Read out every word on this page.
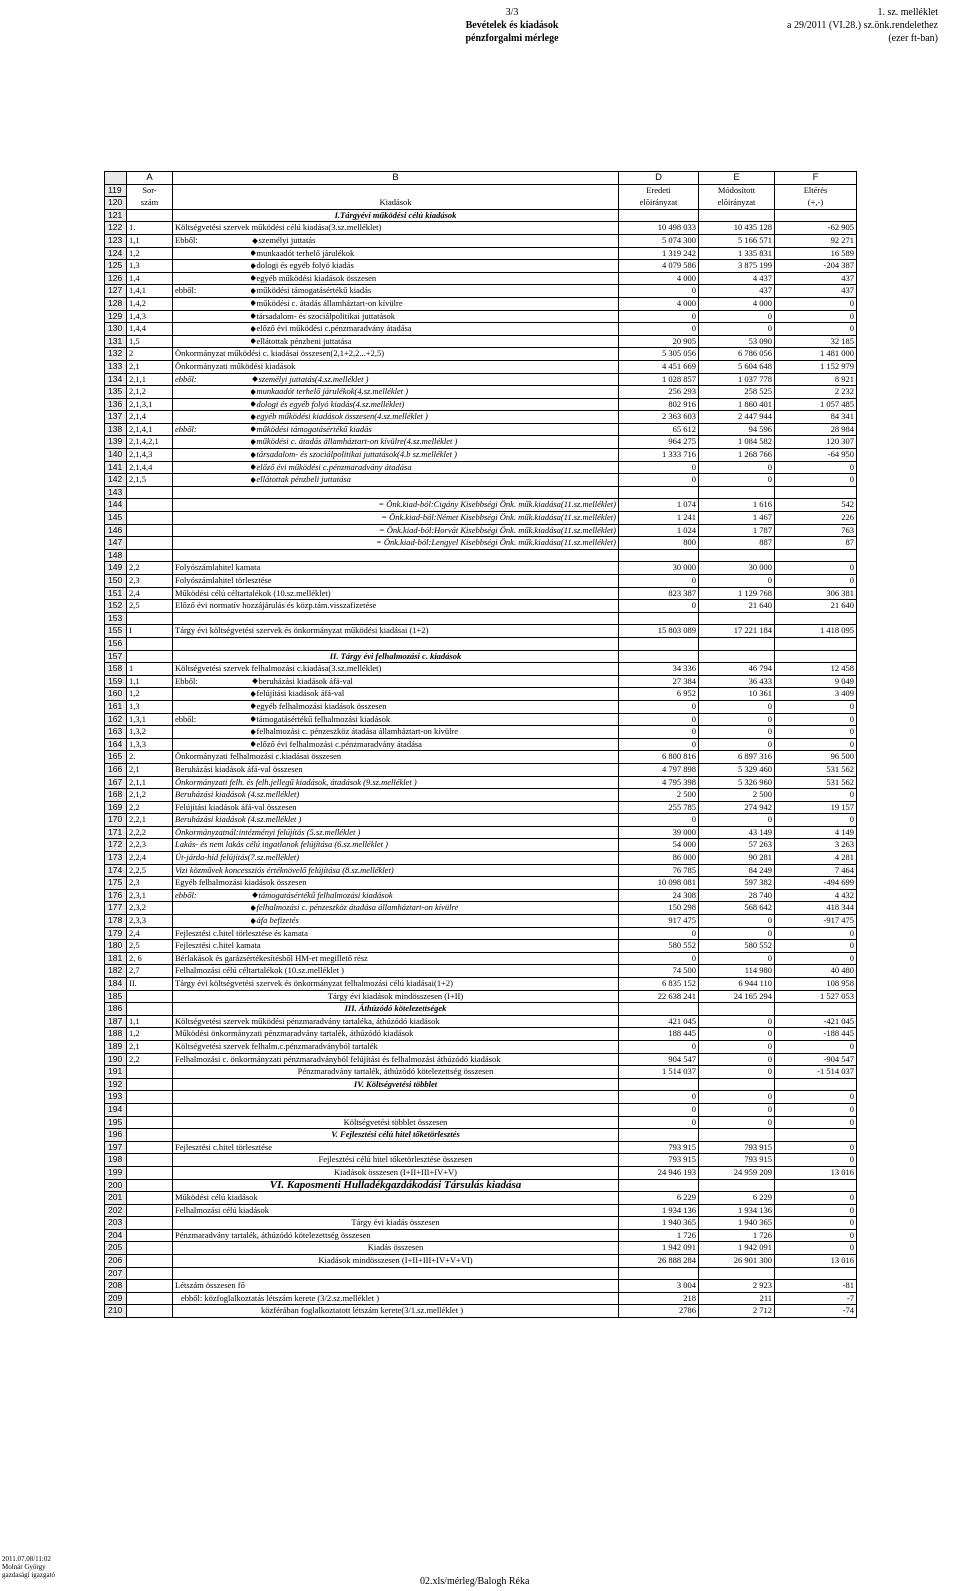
3/3
Bevételek és kiadások
pénzforgalmi mérlege
1. sz. melléklet
a 29/2011 (VI.28.) sz.önk.rendelethez
(ezer ft-ban)
	A	B		D	E	F
119	Sor-			Eredeti	Módosított	Eltérés
120	szám	Kiadások		elõirányzat	elõirányzat	(+,-)
121		I.Tárgyévi működési célú kiadások				
122	1.	Költségvetési szervek működési célú kiadása(3.sz.melléklet)		10 498 033	10 435 128	-62 905
123	1,1	Ebből:	személyi juttatás	5 074 300	5 166 571	92 271
124	1,2		munkaadót terhelő járulékok	1 319 242	1 335 831	16 589
125	1,3		dologi és egyéb folyó kiadás	4 079 586	3 875 199	-204 387
126	1,4		egyéb működési kiadások összesen	4 000	4 437	437
127	1,4,1	ebből:	működési támogatásértékű kiadás	0	437	437
128	1,4,2		működési c. átadás államháztart-on kívülre	4 000	4 000	0
129	1,4,3		társadalom- és szociálpolitikai juttatások	0	0	0
130	1,4,4		előző évi működési c.pénzmaradvány átadása	0	0	0
131	1,5		ellátottak pénzbeni juttatása	20 905	53 090	32 185
132	2	Önkormányzat működési c. kiadásai összesen(2,1+2,2...+2,5)		5 305 056	6 786 056	1 481 000
133	2,1	Önkormányzati működési kiadások		4 451 669	5 604 648	1 152 979
134	2,1,1	ebből:	személyi juttatás(4.sz.melléklet )	1 028 857	1 037 778	8 921
135	2,1,2		munkaadót terhelő járulékok(4.sz.melléklet )	256 293	258 525	2 232
136	2,1,3,1		dologi és egyéb folyó kiadás(4.sz.melléklet)	802 916	1 860 401	1 057 485
137	2,1,4		egyéb működési kiadások összesen(4.sz.melléklet )	2 363 603	2 447 944	84 341
138	2,1,4,1	ebből:	működési támogatásértékű kiadás	65 612	94 596	28 984
139	2,1,4,2,1		működési c. átadás államháztart-on kívülre(4.sz.melléklet )	964 275	1 084 582	120 307
140	2,1,4,3		társadalom- és szociálpolitikai juttatások(4.b sz.melléklet )	1 333 716	1 268 766	-64 950
141	2,1,4,4		előző évi működési c.pénzmaradvány átadása	0	0	0
142	2,1,5		ellátottak pénzbeli juttatása	0	0	0
143						
144		= Önk.kiad-ból:Cigány Kisebbségi Önk. műk.kiadása(11.sz.melléklet)		1 074	1 616	542
145		= Önk.kiad-ból:Német Kisebbségi Önk. műk.kiadása(11.sz.melléklet)		1 241	1 467	226
146		= Önk.kiad-ból:Horvát Kisebbségi Önk. műk.kiadása(11.sz.melléklet)		1 024	1 787	763
147		= Önk.kiad-ból:Lengyel Kisebbségi Önk. műk.kiadása(11.sz.melléklet)		800	887	87
148						
149	2,2	Folyószámlahitel kamata		30 000	30 000	0
150	2,3	Folyószámlahitel törlesztése		0	0	0
151	2,4	Működési célú céltartalékok (10.sz.melléklet)		823 387	1 129 768	306 381
152	2,5	Előző évi normatív hozzájárulás és közp.tám.visszafizetése		0	21 640	21 640
153						
155	I	Tárgy évi költségvetési szervek és önkormányzat működési kiadásai (1+2)		15 803 089	17 221 184	1 418 095
156						
157		II. Tárgy évi felhalmozási c. kiadások				
158	1	Költségvetési szervek felhalmozási c.kiadása(3.sz.melléklet)		34 336	46 794	12 458
159	1,1	Ebből:	beruházási kiadások áfá-val	27 384	36 433	9 049
160	1,2		felújítási kiadások áfá-val	6 952	10 361	3 409
161	1,3		egyéb felhalmozási kiadások összesen	0	0	0
162	1,3,1	ebből:	támogatásértékű felhalmozási kiadások	0	0	0
163	1,3,2		felhalmozási c. pénzeszköz átadása államháztart-on kívülre	0	0	0
164	1,3,3		előző évi felhalmozási c.pénzmaradvány átadása	0	0	0
165	2.	Önkormányzati felhalmozási c.kiadásai összesen		6 800 816	6 897 316	96 500
166	2,1	Beruházási kiadások áfá-val összesen		4 797 898	5 329 460	531 562
167	2,1,1	Önkormányzati felh. és felh.jellegű kiadások, átadások (9.sz.melléklet )		4 795 398	5 326 960	531 562
168	2,1,2	Beruházási kiadások (4.sz.melléklet)		2 500	2 500	0
169	2,2	Felújítási kiadások áfá-val összesen		255 785	274 942	19 157
170	2,2,1	Beruházási kiadások (4.sz.melléklet )		0	0	0
171	2,2,2	Önkormányzatnál:intézményi felújítás (5.sz.melléklet )		39 000	43 149	4 149
172	2,2,3	Lakás- és nem lakás célú ingatlanok felújítása (6.sz.melléklet )		54 000	57 263	3 263
173	2,2,4	Út-járda-híd felújítás(7.sz.melléklet)		86 000	90 281	4 281
174	2,2,5	Vizi közművek koncessziós értéknövelő felújítása (8.sz.melléklet)		76 785	84 249	7 464
175	2,3	Egyéb felhalmozási kiadások összesen		10 098 081	597 382	-494 699
176	2,3,1	ebből:	támogatásértékű felhalmozási kiadások	24 308	28 740	4 432
177	2,3,2		felhalmozási c. pénzeszköz átadása államháztart-on kívülre	150 298	568 642	418 344
178	2,3,3		áfa befizetés	917 475	0	-917 475
179	2,4	Fejlesztési c.hitel törlesztése és kamata		0	0	0
180	2,5	Fejlesztési c.hitel kamata		580 552	580 552	0
181	2, 6	Bérlakások és garázsértékesítésből HM-et megillető rész		0	0	0
182	2,7	Felhalmozási célú céltartalékok (10.sz.melléklet )		74 500	114 980	40 480
184	II.	Tárgy évi költségvetési szervek és önkormányzat felhalmozási célú kiadásai(1+2)		6 835 152	6 944 110	108 958
185		Tárgy évi kiadások mindösszesen (I+II)		22 638 241	24 165 294	1 527 053
186		III. Áthúzódó kötelezettségek				
187	1,1	Költségvetési szervek működési pénzmaradvány tartaléka, áthúzódó kiadások		421 045	0	-421 045
188	1,2	Működési önkormányzati pénzmaradvány tartalék, áthúzódó kiadások		188 445	0	-188 445
189	2,1	Költségvetési szervek felhalm.c.pénzmaradványból tartalék		0	0	0
190	2,2	Felhalmozási c. önkormányzati pénzmaradványból felújítási és felhalmozási áthúzódó kiadások		904 547	0	-904 547
191		Pénzmaradvány tartalék, áthúzódó kötelezettség összesen		1 514 037	0	-1 514 037
192		IV. Költségvetési többlet				
193				0	0	0
194				0	0	0
195		Költségvetési többlet összesen		0	0	0
196		V. Fejlesztési célú hitel tőketörlesztés				
197		Fejlesztési c.hitel törlesztése		793 915	793 915	0
198		Fejlesztési célú hitel tőketörlesztése összesen		793 915	793 915	0
199		Kiadások összesen (I+II+III+IV+V)		24 946 193	24 959 209	13 016
200		VI. Kaposmenti Hulladékgazdákodási Társulás kiadása				
201		Működési célú kiadások		6 229	6 229	0
202		Felhalmozási célú kiadások		1 934 136	1 934 136	0
203		Tárgy évi kiadás összesen		1 940 365	1 940 365	0
204		Pénzmaradvány tartalék, áthúzódó kötelezettség összesen		1 726	1 726	0
205		Kiadás összesen		1 942 091	1 942 091	0
206		Kiadások mindösszesen (I+II+III+IV+V+VI)		26 888 284	26 901 300	13 016
207						
208		Létszám összesen fő		3 004	2 923	-81
209		ebből: közfoglalkoztatás létszám kerete (3/2.sz.melléklet )		218	211	-7
210		közférában foglalkoztatott létszám kerete(3/1.sz.melléklet )		2786	2 712	-74
2011.07.08/11:02
Molnár György
gazdasági igazgató
02.xls/mérleg/Balogh Réka
